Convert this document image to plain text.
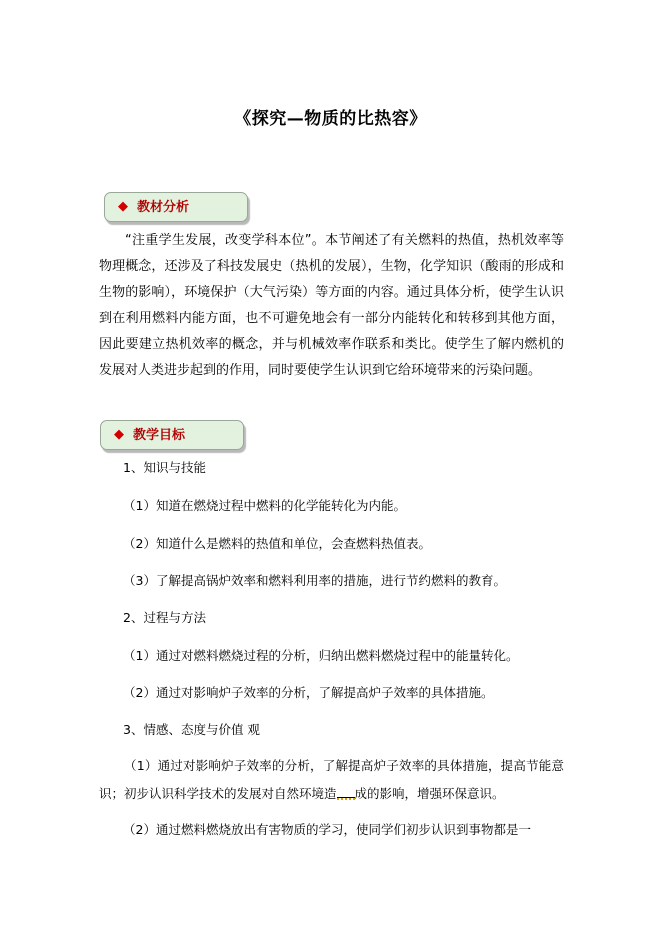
《探究—物质的比热容》
◆ 教材分析

“注重学生发展，改变学科本位”。本节阐述了有关燃料的热值，热机效率等物理概念，还涉及了科技发展史（热机的发展），生物，化学知识（酸雨的形成和生物的影响），环境保护（大气污染）等方面的内容。通过具体分析，使学生认识到在利用燃料内能方面，也不可避免地会有一部分内能转化和转移到其他方面，因此要建立热机效率的概念，并与机械效率作联系和类比。使学生了解内燃机的发展对人类进步起到的作用，同时要使学生认识到它给环境带来的污染问题。

◆ 教学目标
1、知识与技能
（1）知道在燃烧过程中燃料的化学能转化为内能。
（2）知道什么是燃料的热值和单位，会查燃料热值表。
（3）了解提高锅炉效率和燃料利用率的措施，进行节约燃料的教育。
2、过程与方法
（1）通过对燃料燃烧过程的分析，归纳出燃料燃烧过程中的能量转化。
（2）通过对影响炉子效率的分析，了解提高炉子效率的具体措施。
3、情感、态度与价值 观

（1）通过对影响炉子效率的分析，了解提高炉子效率的具体措施，提高节能意识；初步认识科学技术的发展对自然环境造 成的影响，增强环保意识。

（2）通过燃料燃烧放出有害物质的学习，使同学们初步认识到事物都是一
